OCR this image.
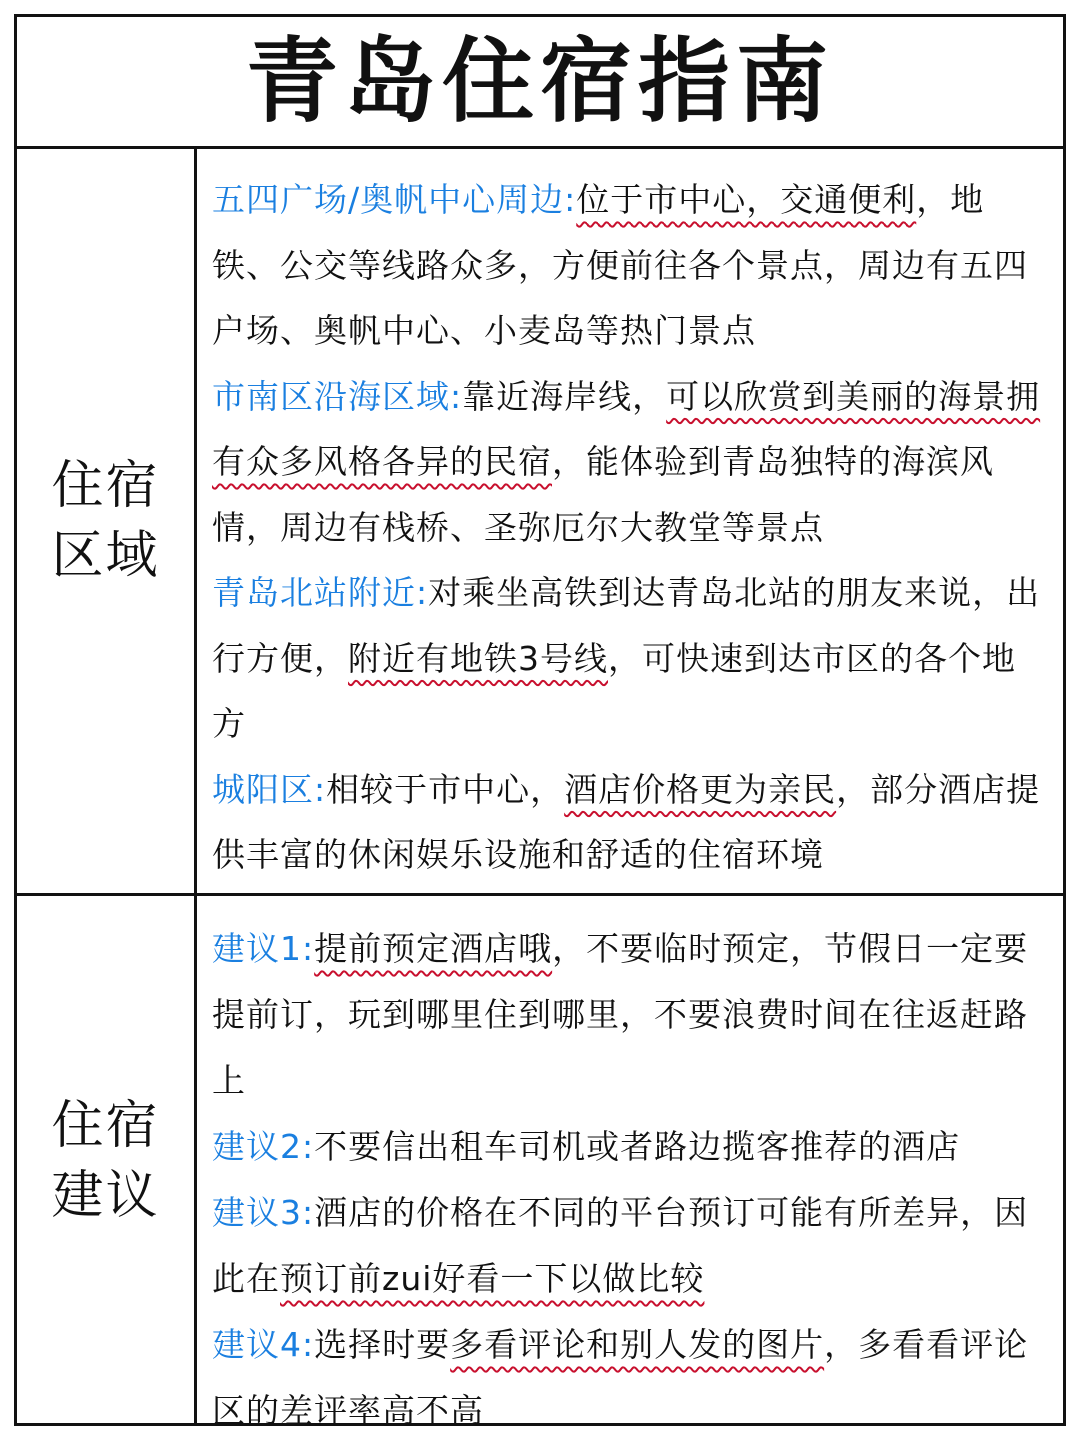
青岛住宿指南
住宿区域
五四广场/奥帆中心周边:位于市中心，交通便利，地铁、公交等线路众多，方便前往各个景点，周边有五四户场、奥帆中心、小麦岛等热门景点
市南区沿海区域:靠近海岸线，可以欣赏到美丽的海景拥有众多风格各异的民宿，能体验到青岛独特的海滨风情，周边有栈桥、圣弥厄尔大教堂等景点
青岛北站附近:对乘坐高铁到达青岛北站的朋友来说，出行方便，附近有地铁3号线，可快速到达市区的各个地方
城阳区:相较于市中心，酒店价格更为亲民，部分酒店提供丰富的休闲娱乐设施和舒适的住宿环境
住宿建议
建议1:提前预定酒店哦，不要临时预定，节假日一定要提前订，玩到哪里住到哪里，不要浪费时间在往返赶路上
建议2:不要信出租车司机或者路边揽客推荐的酒店
建议3:酒店的价格在不同的平台预订可能有所差异，因此在预订前zui好看一下以做比较
建议4:选择时要多看评论和别人发的图片，多看看评论区的差评率高不高
